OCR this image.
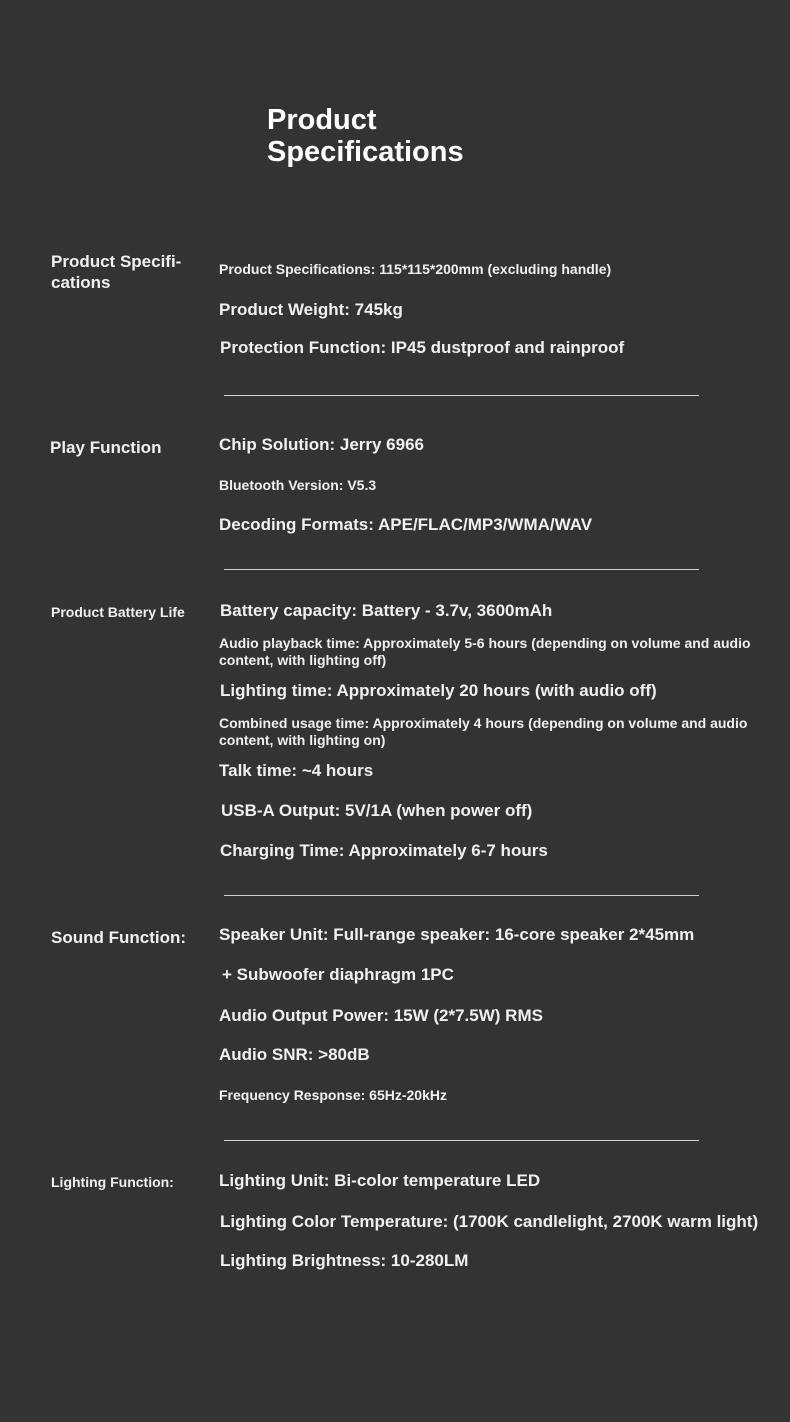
Product
Specifications
Product Specifi-
cations
Product Specifications: 115*115*200mm (excluding handle)
Product Weight: 745kg
Protection Function: IP45 dustproof and rainproof
Play Function	Chip Solution: Jerry 6966
Bluetooth Version: V5.3
Decoding Formats: APE/FLAC/MP3/WMA/WAV
Product Battery Life Battery capacity: Battery - 3.7v, 3600mAh
Audio playback time: Approximately 5-6 hours (depending on volume and audio content, with lighting off)
Lighting time: Approximately 20 hours (with audio off)
Combined usage time: Approximately 4 hours (depending on volume and audio content, with lighting on)
Talk time: ~4 hours
USB-A Output: 5V/1A (when power off)
Charging Time: Approximately 6-7 hours
Sound Function: Speaker Unit: Full-range speaker: 16-core speaker 2*45mm
+ Subwoofer diaphragm 1PC
Audio Output Power: 15W (2*7.5W) RMS
Audio SNR: >80dB
Frequency Response: 65Hz-20kHz
Lighting Function:	Lighting Unit: Bi-color temperature LED
Lighting Color Temperature: (1700K candlelight, 2700K warm light)
Lighting Brightness: 10-280LM
